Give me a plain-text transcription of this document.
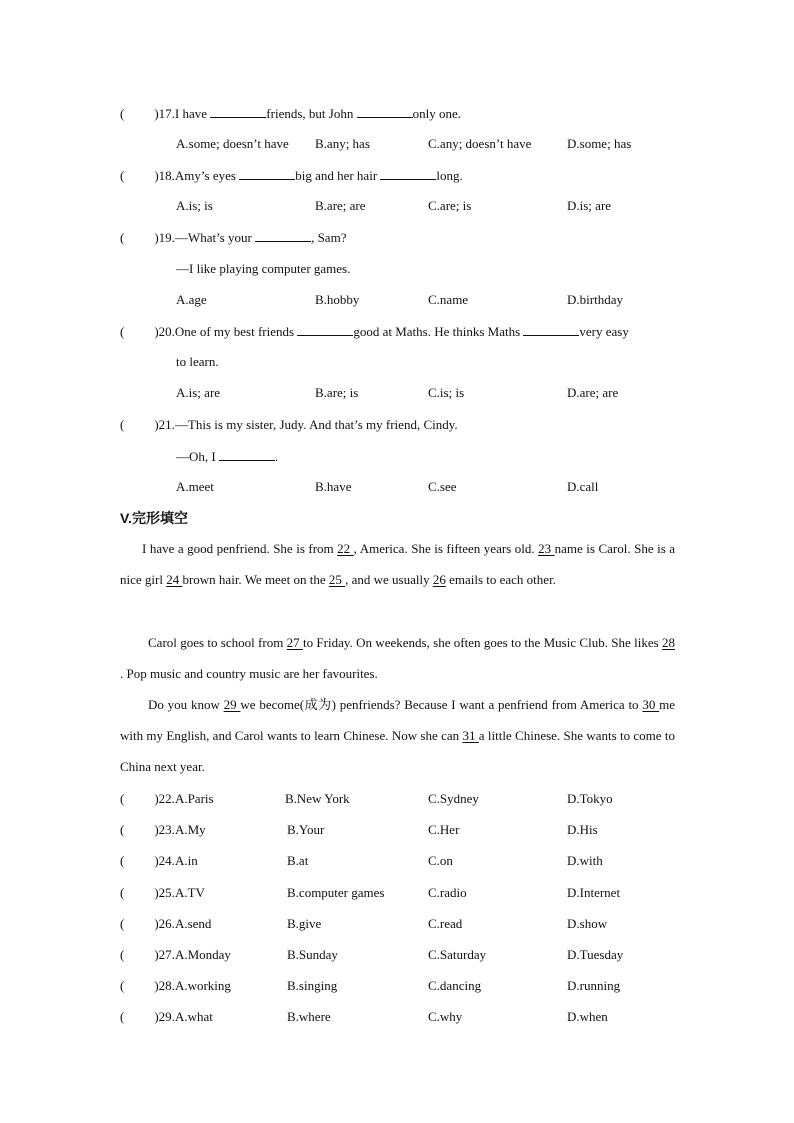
( )17.I have	friends, but John	only one.
A.some; doesn’t have B.any; has	C.any; doesn’t have	D.some; has
( )18.Amy’s eyes	big and her hair	long.
A.is; is	B.are; are	C.are; is	D.is; are
( )19.—What’s your	, Sam?
—I like playing computer games.
A.age	B.hobby	C.name	D.birthday
( )20.One of my best friends	good at Maths. He thinks Maths	very easy
to learn.
A.is; are	B.are; is	C.is; is	D.are; are
( )21.—This is my sister, Judy. And that’s my friend, Cindy.
—Oh, I	.
A.meet	B.have	C.see	D.call
V.完形填空
I have a good penfriend. She is from 22 , America. She is fifteen years old. 23 name is Carol. She is a nice girl 24 brown hair. We meet on the 25 , and we usually 26 emails to each other.
Carol goes to school from 27 to Friday. On weekends, she often goes to the Music Club. She likes 28 . Pop music and country music are her favourites.
Do you know 29 we become(成为) penfriends? Because I want a penfriend from America to 30 me with my English, and Carol wants to learn Chinese. Now she can 31 a little Chinese. She wants to come to China next year.
( )22.A.Paris	B.New York	C.Sydney	D.Tokyo
( )23.A.My	B.Your	C.Her	D.His
( )24.A.in	B.at	C.on	D.with
( )25.A.TV	B.computer games	C.radio	D.Internet
( )26.A.send	B.give	C.read	D.show
( )27.A.Monday	B.Sunday	C.Saturday	D.Tuesday
( )28.A.working	B.singing	C.dancing	D.running
( )29.A.what	B.where	C.why	D.when
